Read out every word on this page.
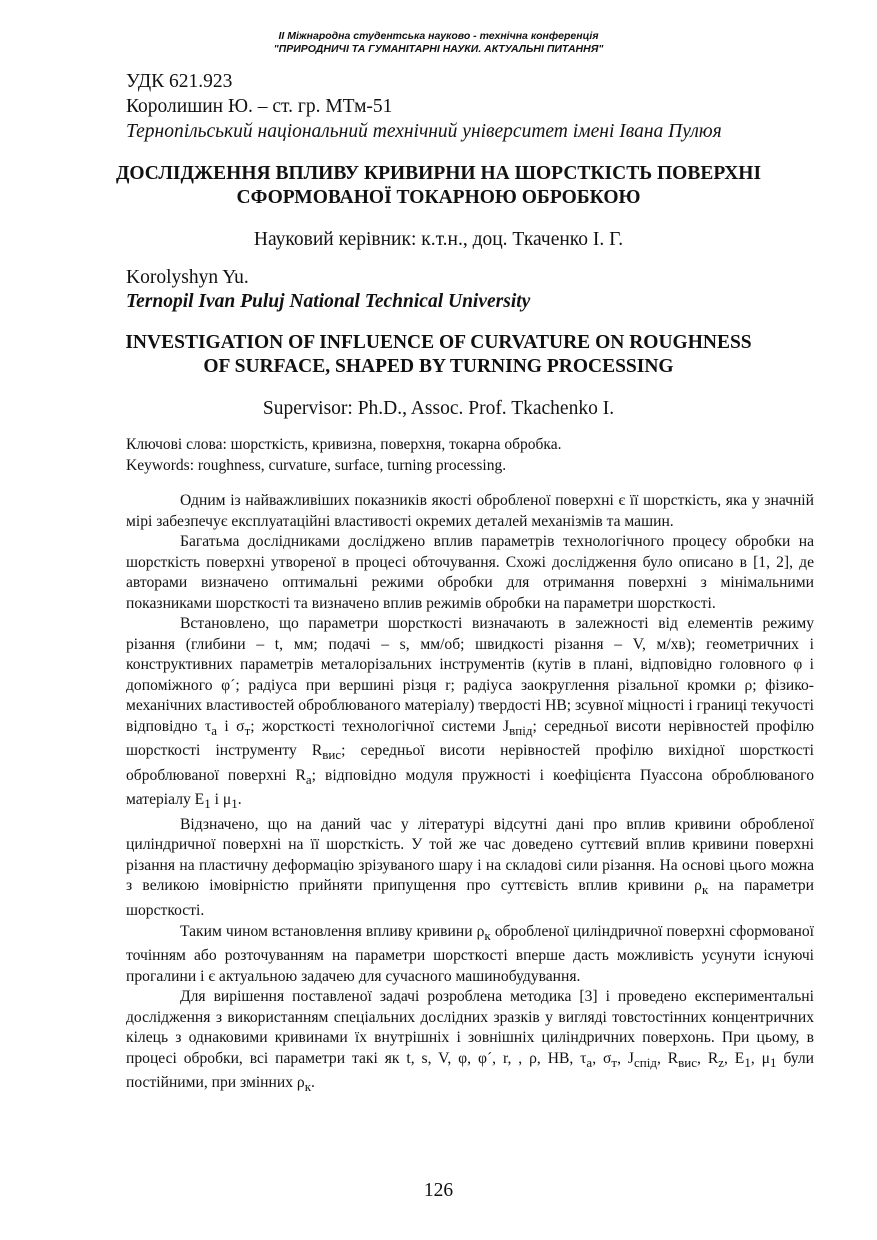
II Міжнародна студентська науково - технічна конференція
"ПРИРОДНИЧІ ТА ГУМАНІТАРНІ НАУКИ. АКТУАЛЬНІ ПИТАННЯ"
УДК 621.923
Королишин Ю. – ст. гр. МТм-51
Тернопільський національний технічний університет імені Івана Пулюя
ДОСЛІДЖЕННЯ ВПЛИВУ КРИВИРНИ НА ШОРСТКІСТЬ ПОВЕРХНІ
СФОРМОВАНОЇ ТОКАРНОЮ ОБРОБКОЮ
Науковий керівник: к.т.н., доц. Ткаченко І. Г.
Korolyshyn Yu.
Ternopil Ivan Puluj National Technical University
INVESTIGATION OF INFLUENCE OF CURVATURE ON ROUGHNESS
OF SURFACE, SHAPED BY TURNING PROCESSING
Supervisor: Ph.D., Assoc. Prof. Tkachenko I.
Ключові слова: шорсткість, кривизна, поверхня, токарна обробка.
Keywords: roughness, curvature, surface, turning processing.

Одним із найважливіших показників якості обробленої поверхні є її шорсткість, яка у значній мірі забезпечує експлуатаційні властивості окремих деталей механізмів та машин.

Багатьма дослідниками досліджено вплив параметрів технологічного процесу обробки на шорсткість поверхні утвореної в процесі обточування. Схожі дослідження було описано в [1, 2], де авторами визначено оптимальні режими обробки для отримання поверхні з мінімальними показниками шорсткості та визначено вплив режимів обробки на параметри шорсткості.

Встановлено, що параметри шорсткості визначають в залежності від елементів режиму різання (глибини – t, мм; подачі – s, мм/об; швидкості різання – V, м/хв); геометричних і конструктивних параметрів металорізальних інструментів (кутів в плані, відповідно головного φ і допоміжного φ´; радіуса при вершині різця r; радіуса заокруглення різальної кромки ρ; фізико-механічних властивостей оброблюваного матеріалу) твердості НВ; зсувної міцності і границі текучості відповідно $\tau_а$ і $\sigma_т$; жорсткості технологічної системи $J_{впід}$; середньої висоти нерівностей профілю шорсткості інструменту $R_{вис}$; середньої висоти нерівностей профілю вихідної шорсткості оброблюваної поверхні $R_а$; відповідно модуля пружності і коефіцієнта Пуассона оброблюваного матеріалу $Е_1$ і $\mu_1$.

Відзначено, що на даний час у літературі відсутні дані про вплив кривини обробленої циліндричної поверхні на її шорсткість. У той же час доведено суттєвий вплив кривини поверхні різання на пластичну деформацію зрізуваного шару і на складові сили різання. На основі цього можна з великою імовірністю прийняти припущення про суттєвість вплив кривини $\rho_к$ на параметри шорсткості.

Таким чином встановлення впливу кривини $\rho_к$ обробленої циліндричної поверхні сформованої точінням або розточуванням на параметри шорсткості вперше дасть можливість усунути існуючі прогалини і є актуальною задачею для сучасного машинобудування.

Для вирішення поставленої задачі розроблена методика [3] і проведено експериментальні дослідження з використанням спеціальних дослідних зразків у вигляді товстостінних концентричних кілець з однаковими кривинами їх внутрішніх і зовнішніх циліндричних поверхонь. При цьому, в процесі обробки, всі параметри такі як t, s, V, φ, φ´, r, , ρ, НВ, $\tau_а$, $\sigma_т$, $J_{спід}$, $R_{вис}$, $R_z$, $Е_1$, $\mu_1$ були постійними, при змінних $\rho_к$.

126
